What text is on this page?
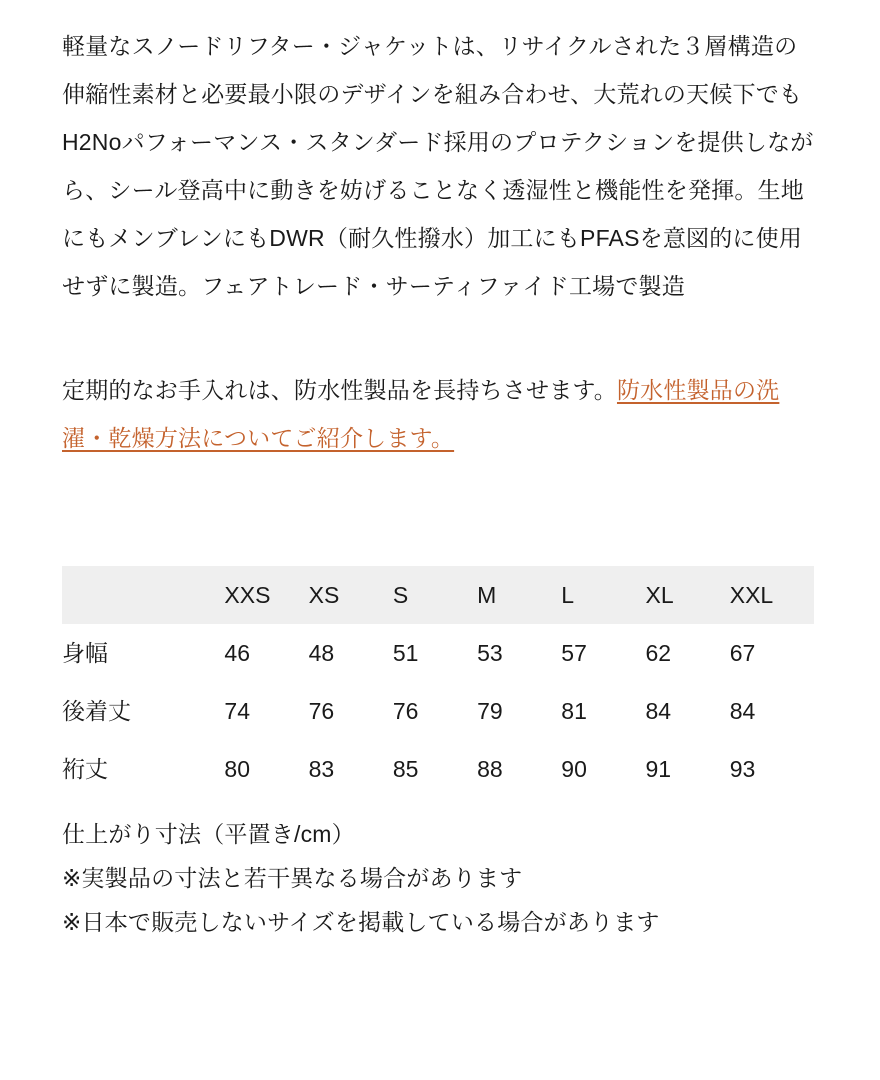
軽量なスノードリフター・ジャケットは、リサイクルされた３層構造の伸縮性素材と必要最小限のデザインを組み合わせ、大荒れの天候下でもH2Noパフォーマンス・スタンダード採用のプロテクションを提供しながら、シール登高中に動きを妨げることなく透湿性と機能性を発揮。生地にもメンブレンにもDWR（耐久性撥水）加工にもPFASを意図的に使用せずに製造。フェアトレード・サーティファイド工場で製造

定期的なお手入れは、防水性製品を長持ちさせます。防水性製品の洗濯・乾燥方法についてご紹介します。

	XXS	XS	S	M	L	XL	XXL
身幅	46	48	51	53	57	62	67
後着丈	74	76	76	79	81	84	84
裄丈	80	83	85	88	90	91	93
仕上がり寸法（平置き/cm）
※実製品の寸法と若干異なる場合があります
※日本で販売しないサイズを掲載している場合があります
